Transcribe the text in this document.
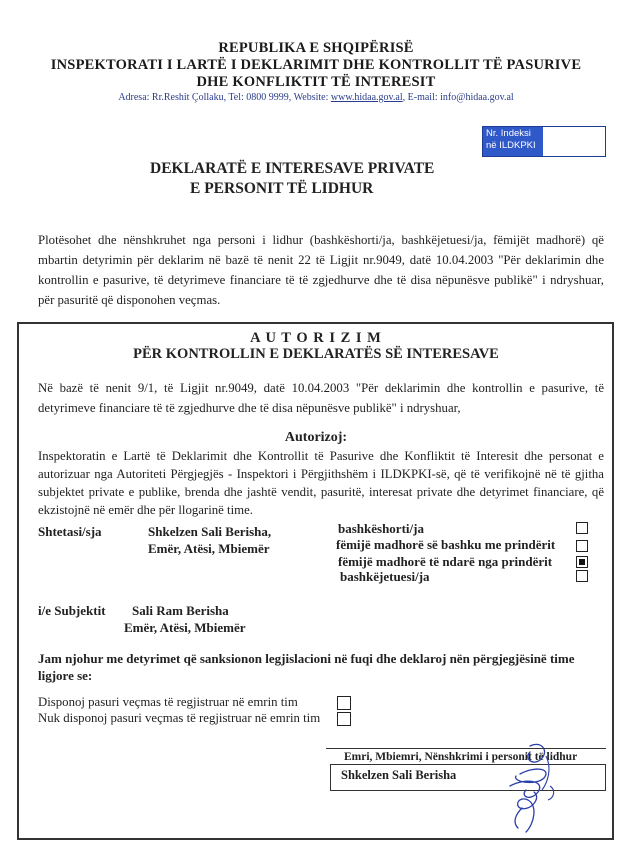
REPUBLIKA E SHQIPËRISË
INSPEKTORATI I LARTË I DEKLARIMIT DHE KONTROLLIT TË PASURIVE
DHE KONFLIKTIT TË INTERESIT
Adresa: Rr.Reshit Çollaku, Tel: 0800 9999, Website: www.hidaa.gov.al, E-mail: info@hidaa.gov.al
Nr. Indeksi në ILDKPKI
DEKLARATË E INTERESAVE PRIVATE
E PERSONIT TË LIDHUR
Plotësohet dhe nënshkruhet nga personi i lidhur (bashkëshorti/ja, bashkëjetuesi/ja, fëmijët madhorë) që mbartin detyrimin për deklarim në bazë të nenit 22 të Ligjit nr.9049, datë 10.04.2003 "Për deklarimin dhe kontrollin e pasurive, të detyrimeve financiare të të zgjedhurve dhe të disa nëpunësve publikë" i ndryshuar, për pasuritë që disponohen veçmas.
A U T O R I Z I M
PËR KONTROLLIN E DEKLARATËS SË INTERESAVE
Në bazë të nenit 9/1, të Ligjit nr.9049, datë 10.04.2003 "Për deklarimin dhe kontrollin e pasurive, të detyrimeve financiare të të zgjedhurve dhe të disa nëpunësve publikë" i ndryshuar,
Autorizoj:
Inspektoratin e Lartë të Deklarimit dhe Kontrollit të Pasurive dhe Konfliktit të Interesit dhe personat e autorizuar nga Autoriteti Përgjegjës - Inspektori i Përgjithshëm i ILDKPKI-së, që të verifikojnë në të gjitha subjektet private e publike, brenda dhe jashtë vendit, pasuritë, interesat private dhe detyrimet financiare, që ekzistojnë në emër dhe për llogarinë time.
Shtetasi/sja	Shkelzen Sali Berisha,
Emër, Atësi, Mbiemër
bashkëshorti/ja
fëmijë madhorë së bashku me prindërit
fëmijë madhorë të ndarë nga prindërit
bashkëjetuesi/ja
i/e Subjektit Sali Ram Berisha
Emër, Atësi, Mbiemër
Jam njohur me detyrimet që sanksionon legjislacioni në fuqi dhe deklaroj nën përgjegjësinë time ligjore se:
Disponoj pasuri veçmas të regjistruar në emrin tim
Nuk disponoj pasuri veçmas të regjistruar në emrin tim
Emri, Mbiemri, Nënshkrimi i personit të lidhur
Shkelzen Sali Berisha
